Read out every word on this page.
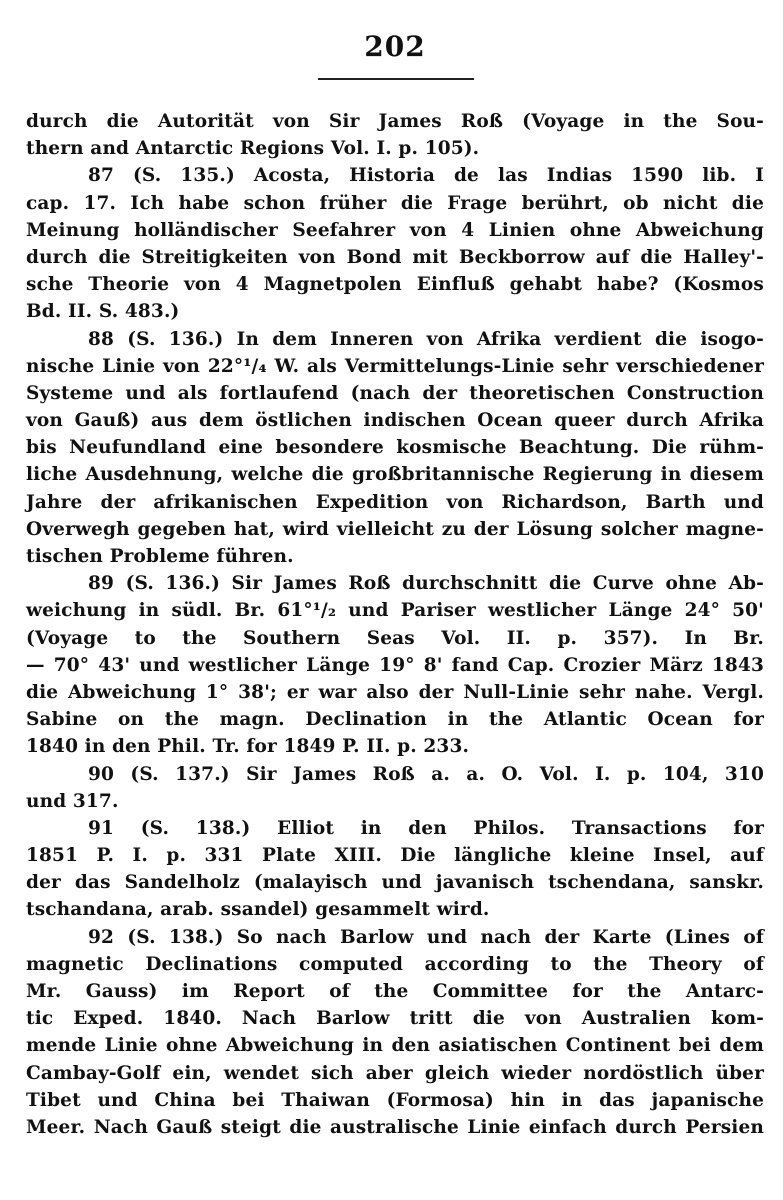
202
durch die Autorität von Sir James Roß (Voyage in the Sou-
thern and Antarctic Regions Vol. I. p. 105).
87 (S. 135.) Acosta, Historia de las Indias 1590 lib. I
cap. 17. Ich habe schon früher die Frage berührt, ob nicht die
Meinung holländischer Seefahrer von 4 Linien ohne Abweichung
durch die Streitigkeiten von Bond mit Beckborrow auf die Halley'-
sche Theorie von 4 Magnetpolen Einfluß gehabt habe? (Kosmos
Bd. II. S. 483.)
88 (S. 136.) In dem Inneren von Afrika verdient die isogo-
nische Linie von 22°¹/₄ W. als Vermittelungs-Linie sehr verschiedener
Systeme und als fortlaufend (nach der theoretischen Construction
von Gauß) aus dem östlichen indischen Ocean queer durch Afrika
bis Neufundland eine besondere kosmische Beachtung. Die rühm-
liche Ausdehnung, welche die großbritannische Regierung in diesem
Jahre der afrikanischen Expedition von Richardson, Barth und
Overwegh gegeben hat, wird vielleicht zu der Lösung solcher magne-
tischen Probleme führen.
89 (S. 136.) Sir James Roß durchschnitt die Curve ohne Ab-
weichung in südl. Br. 61°¹/₂ und Pariser westlicher Länge 24° 50'
(Voyage to the Southern Seas Vol. II. p. 357). In Br.
— 70° 43' und westlicher Länge 19° 8' fand Cap. Crozier März 1843
die Abweichung 1° 38'; er war also der Null-Linie sehr nahe. Vergl.
Sabine on the magn. Declination in the Atlantic Ocean for
1840 in den Phil. Tr. for 1849 P. II. p. 233.
90 (S. 137.) Sir James Roß a. a. O. Vol. I. p. 104, 310
und 317.
91 (S. 138.) Elliot in den Philos. Transactions for
1851 P. I. p. 331 Plate XIII. Die längliche kleine Insel, auf
der das Sandelholz (malayisch und javanisch tschendana, sanskr.
tschandana, arab. ssandel) gesammelt wird.
92 (S. 138.) So nach Barlow und nach der Karte (Lines of
magnetic Declinations computed according to the Theory of
Mr. Gauss) im Report of the Committee for the Antarc-
tic Exped. 1840. Nach Barlow tritt die von Australien kom-
mende Linie ohne Abweichung in den asiatischen Continent bei dem
Cambay-Golf ein, wendet sich aber gleich wieder nordöstlich über
Tibet und China bei Thaiwan (Formosa) hin in das japanische
Meer. Nach Gauß steigt die australische Linie einfach durch Persien
